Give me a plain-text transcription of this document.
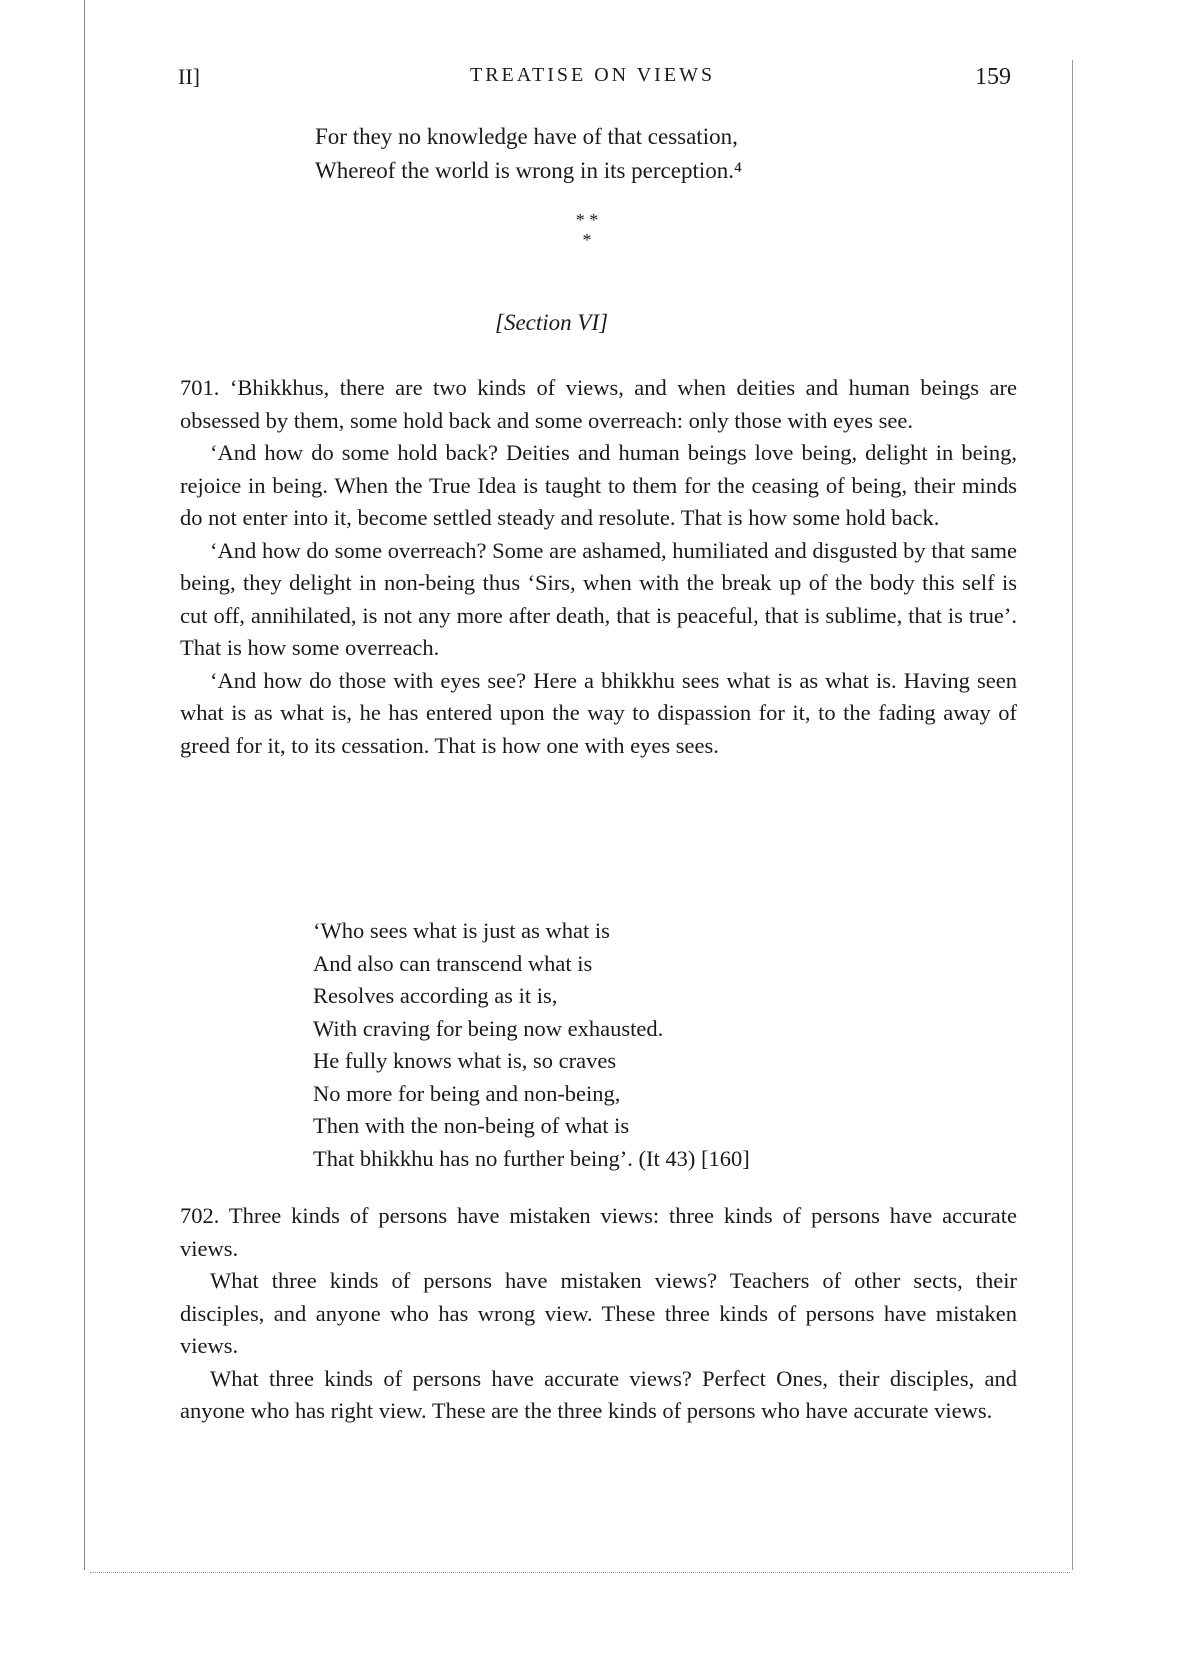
II]	TREATISE ON VIEWS	159
For they no knowledge have of that cessation,
Whereof the world is wrong in its perception.⁴
* *
*
[Section VI]

701. ‘Bhikkhus, there are two kinds of views, and when deities and human beings are obsessed by them, some hold back and some overreach: only those with eyes see.

‘And how do some hold back? Deities and human beings love being, delight in being, rejoice in being. When the True Idea is taught to them for the ceasing of being, their minds do not enter into it, become settled steady and resolute. That is how some hold back.

‘And how do some overreach? Some are ashamed, humiliated and disgusted by that same being, they delight in non-being thus ‘Sirs, when with the break up of the body this self is cut off, annihilated, is not any more after death, that is peaceful, that is sublime, that is true’. That is how some overreach.

‘And how do those with eyes see? Here a bhikkhu sees what is as what is. Having seen what is as what is, he has entered upon the way to dispassion for it, to the fading away of greed for it, to its cessation. That is how one with eyes sees.

‘Who sees what is just as what is
And also can transcend what is
Resolves according as it is,
With craving for being now exhausted.
He fully knows what is, so craves
No more for being and non-being,
Then with the non-being of what is
That bhikkhu has no further being’. (It 43) [160]

702. Three kinds of persons have mistaken views: three kinds of persons have accurate views.

What three kinds of persons have mistaken views? Teachers of other sects, their disciples, and anyone who has wrong view. These three kinds of persons have mistaken views.

What three kinds of persons have accurate views? Perfect Ones, their disciples, and anyone who has right view. These are the three kinds of persons who have accurate views.
